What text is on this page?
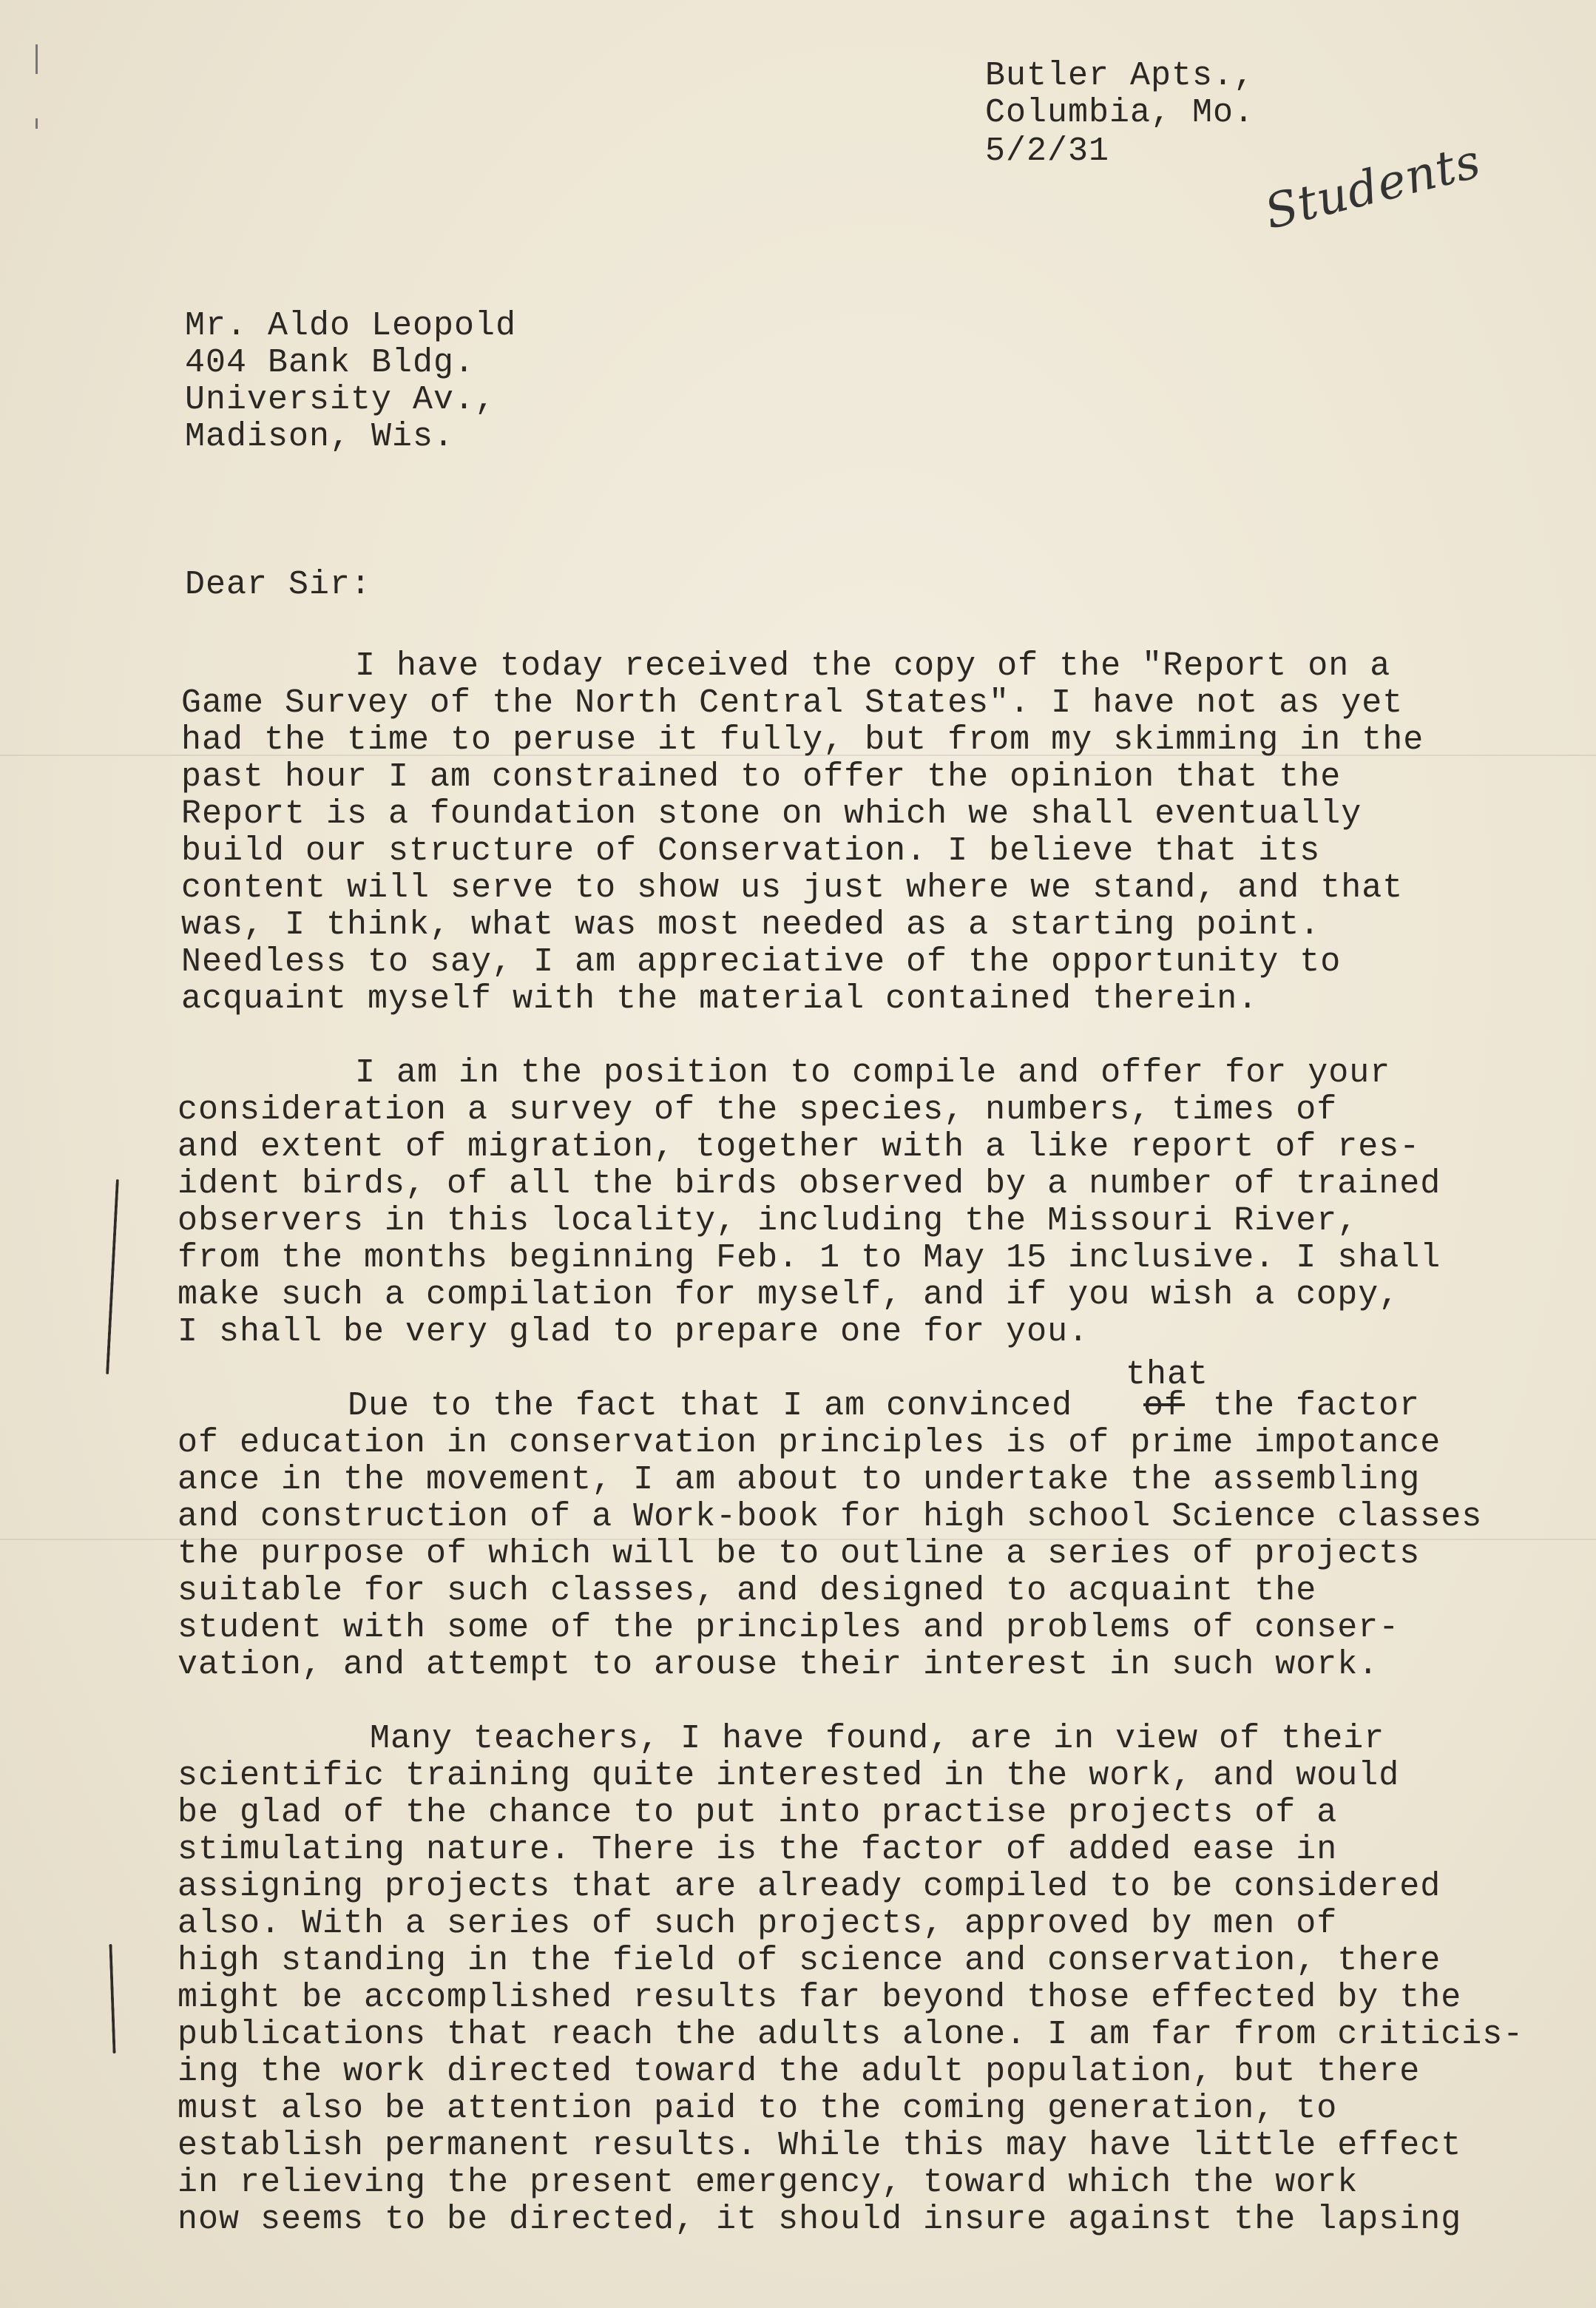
Butler Apts.,
Columbia, Mo.
5/2/31	Students
Mr. Aldo Leopold
404 Bank Bldg.
University Av.,
Madison, Wis.
Dear Sir:
I have today received the copy of the "Report on a
Game Survey of the North Central States". I have not as yet
had the time to peruse it fully, but from my skimming in the
past hour I am constrained to offer the opinion that the
Report is a foundation stone on which we shall eventually
build our structure of Conservation. I believe that its
content will serve to show us just where we stand, and that
was, I think, what was most needed as a starting point.
Needless to say, I am appreciative of the opportunity to
acquaint myself with the material contained therein.
I am in the position to compile and offer for your
consideration a survey of the species, numbers, times of
and extent of migration, together with a like report of res-
ident birds, of all the birds observed by a number of trained
observers in this locality, including the Missouri River,
from the months beginning Feb. 1 to May 15 inclusive. I shall
make such a compilation for myself, and if you wish a copy,
I shall be very glad to prepare one for you.
that
Due to the fact that I am convinced of the factor
of education in conservation principles is of prime impotance
ance in the movement, I am about to undertake the assembling
and construction of a Work-book for high school Science classes
the purpose of which will be to outline a series of projects
suitable for such classes, and designed to acquaint the
student with some of the principles and problems of conser-
vation, and attempt to arouse their interest in such work.
Many teachers, I have found, are in view of their
scientific training quite interested in the work, and would
be glad of the chance to put into practise projects of a
stimulating nature. There is the factor of added ease in
assigning projects that are already compiled to be considered
also. With a series of such projects, approved by men of
high standing in the field of science and conservation, there
might be accomplished results far beyond those effected by the
publications that reach the adults alone. I am far from criticis-
ing the work directed toward the adult population, but there
must also be attention paid to the coming generation, to
establish permanent results. While this may have little effect
in relieving the present emergency, toward which the work
now seems to be directed, it should insure against the lapsing
